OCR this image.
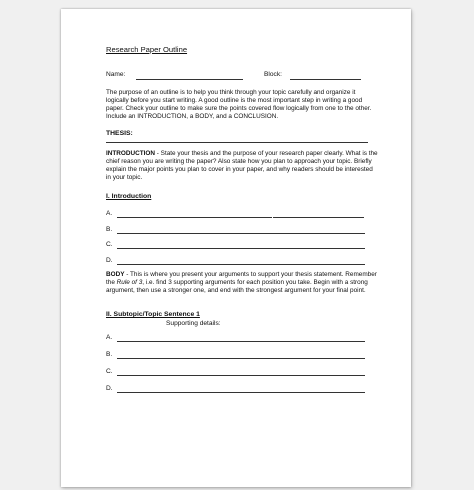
Research Paper Outline
Name:	Block:
The purpose of an outline is to help you think through your topic carefully and organize it logically before you start writing. A good outline is the most important step in writing a good paper. Check your outline to make sure the points covered flow logically from one to the other. Include an INTRODUCTION, a BODY, and a CONCLUSION.
THESIS:
INTRODUCTION - State your thesis and the purpose of your research paper clearly. What is the chief reason you are writing the paper? Also state how you plan to approach your topic. Briefly explain the major points you plan to cover in your paper, and why readers should be interested in your topic.
I. Introduction
A.
B.
C.
D.
BODY - This is where you present your arguments to support your thesis statement. Remember the Rule of 3, i.e. find 3 supporting arguments for each position you take. Begin with a strong argument, then use a stronger one, and end with the strongest argument for your final point.
II. Subtopic/Topic Sentence 1
Supporting details:
A.
B.
C.
D.
